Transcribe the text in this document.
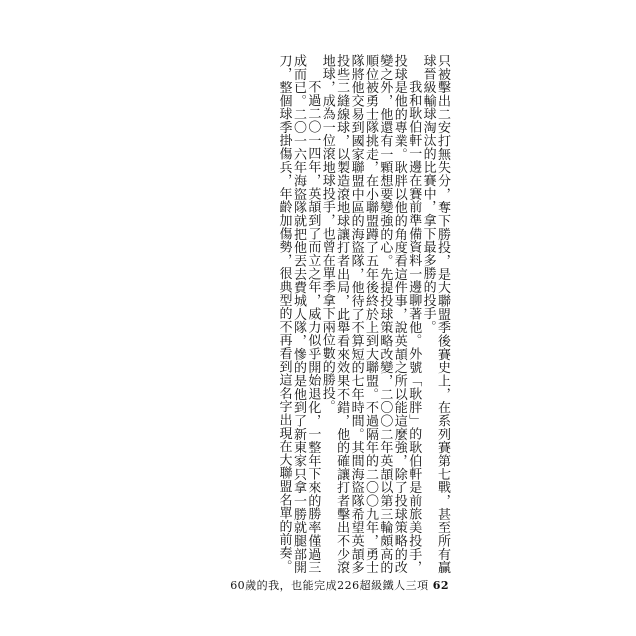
只被擊出二安打無失分，奪下勝投，是大聯盟季後賽史上，在系列賽第七戰，甚至所有贏球晉級輸球淘汰的比賽中，拿下最多勝的投手。

我和耿伯軒一邊在賽前準備資料一邊聊著他。外號「耿胖」的耿伯軒是前旅美投手，投球是他的專業。耿胖以他的角度看這件事，說英頡之所以能這麼強，除了投球策略的改變之外，他還有一顆想要變強的心。先提投球策略改變，二〇〇二年英頡以第三輪頗高的順位被勇士隊挑走，在小聯盟蹲了五年後終於上到大聯盟。不過隔年的二〇〇九年，勇士隊將他交易到國家聯盟中區的海盜隊，他待了不算短的七年時間。其間海盜隊希望英頡多投些二縫線球，以製造滾地球讓打者出局，此舉看來效果不錯，他的確讓打者擊出不少滾地球，成為一位滾地球投手，也曾在單季拿下兩位數的勝投。

不過二〇一四年，英頡到了而立之年，威力似乎開始退化，一整年下來的勝率僅過三成而已。二〇一六年海盜隊就把他丟去費城人隊，慘的是他到了新東家只拿一勝就腿部開刀，整個球季掛傷兵，年齡加傷勢，很典型的不再看到這名字出現在大聯盟名單的前奏。

60歲的我，也能完成226超級鐵人三項 62
